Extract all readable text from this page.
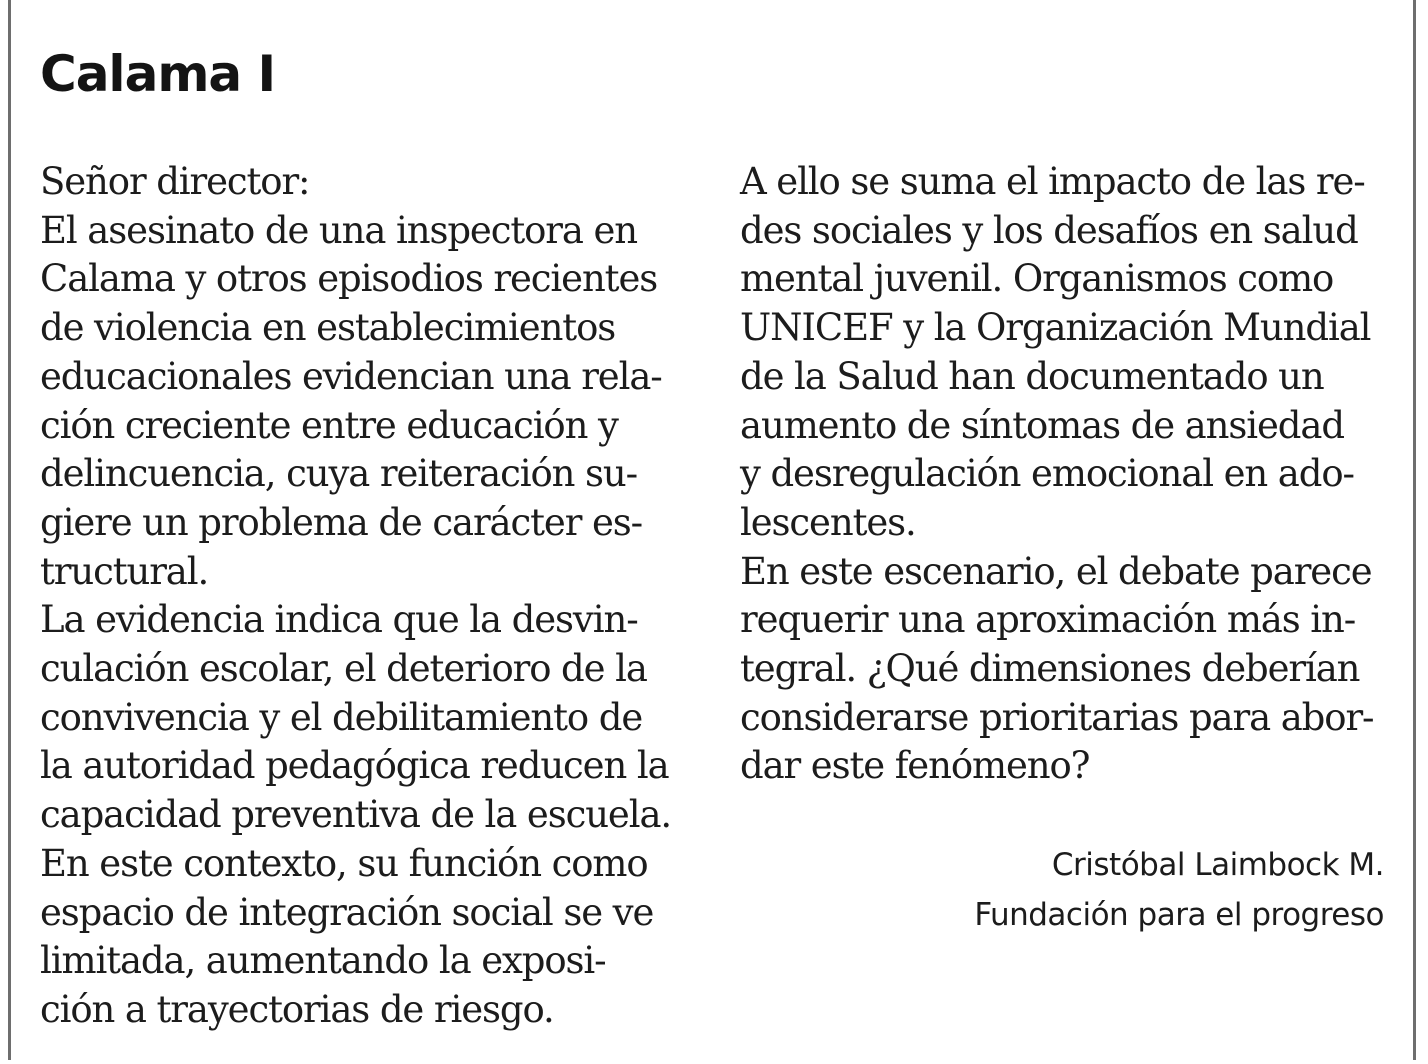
Calama I
Señor director:
El asesinato de una inspectora en
Calama y otros episodios recientes
de violencia en establecimientos
educacionales evidencian una rela-
ción creciente entre educación y
delincuencia, cuya reiteración su-
giere un problema de carácter es-
tructural.
La evidencia indica que la desvin-
culación escolar, el deterioro de la
convivencia y el debilitamiento de
la autoridad pedagógica reducen la
capacidad preventiva de la escuela.
En este contexto, su función como
espacio de integración social se ve
limitada, aumentando la exposi-
ción a trayectorias de riesgo.
A ello se suma el impacto de las re-
des sociales y los desafíos en salud
mental juvenil. Organismos como
UNICEF y la Organización Mundial
de la Salud han documentado un
aumento de síntomas de ansiedad
y desregulación emocional en ado-
lescentes.
En este escenario, el debate parece
requerir una aproximación más in-
tegral. ¿Qué dimensiones deberían
considerarse prioritarias para abor-
dar este fenómeno?
Cristóbal Laimbock M.
Fundación para el progreso
